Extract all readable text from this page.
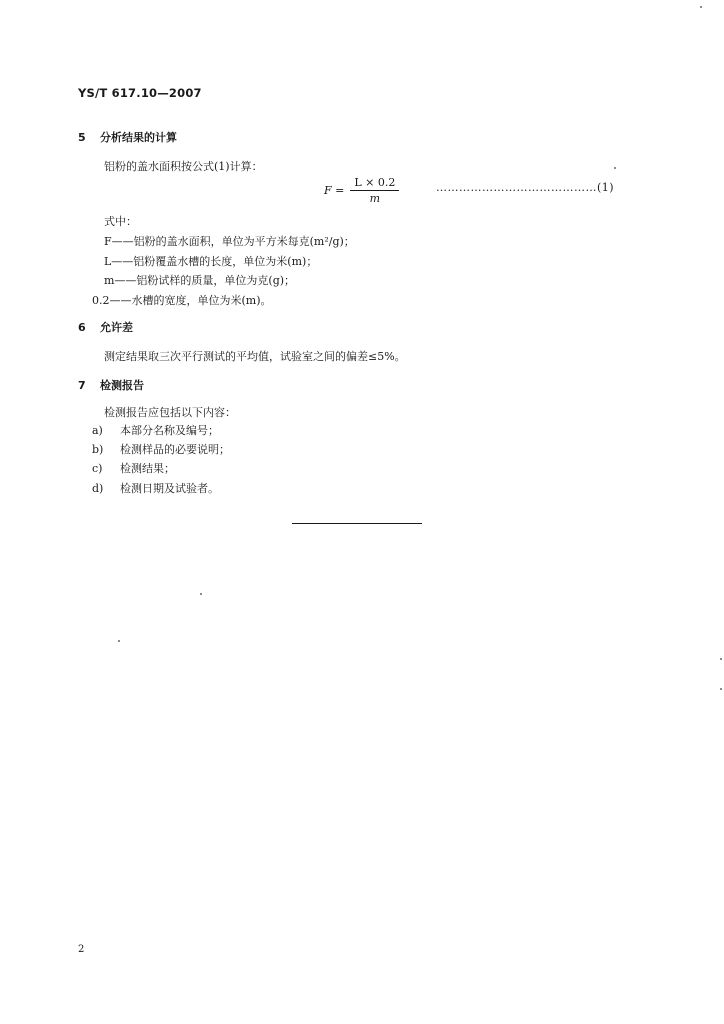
YS/T 617.10—2007
5 分析结果的计算
铝粉的盖水面积按公式(1)计算：
$F = \frac{L \times 0.2}{m}$	……………………………………(1)
式中：
F——铝粉的盖水面积，单位为平方米每克(m²/g)；
L——铝粉覆盖水槽的长度，单位为米(m)；
m——铝粉试样的质量，单位为克(g)；
0.2——水槽的宽度，单位为米(m)。
6 允许差
测定结果取三次平行测试的平均值，试验室之间的偏差≤5%。
7 检测报告
检测报告应包括以下内容：
a) 本部分名称及编号；
b) 检测样品的必要说明；
c) 检测结果；
d) 检测日期及试验者。
2
